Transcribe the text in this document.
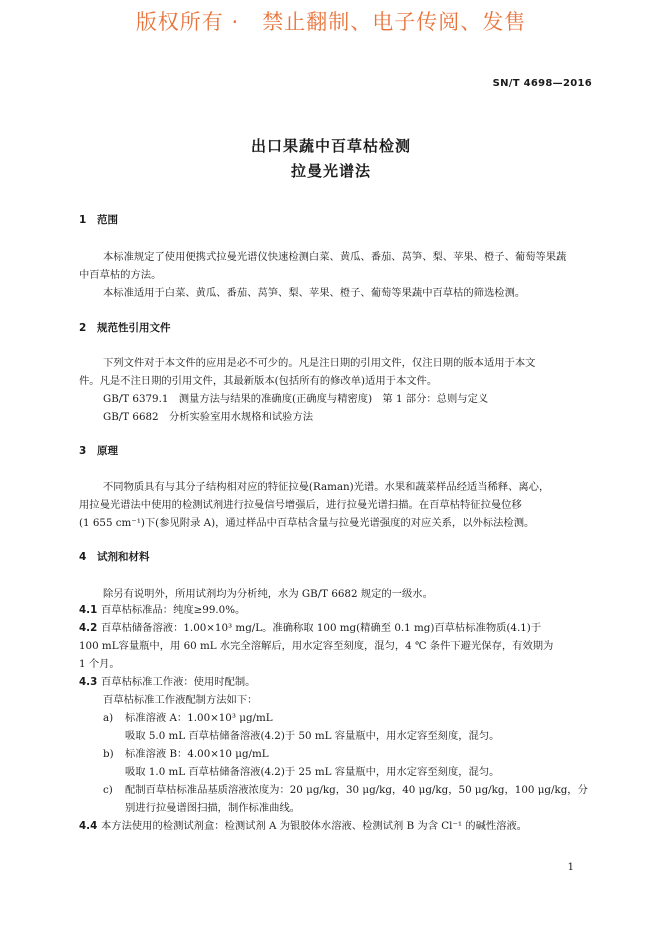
版权所有 ·   禁止翻制、电子传阅、发售
SN/T 4698—2016
出口果蔬中百草枯检测
拉曼光谱法
1 范围
本标准规定了使用便携式拉曼光谱仪快速检测白菜、黄瓜、番茄、莴笋、梨、苹果、橙子、葡萄等果蔬
中百草枯的方法。
本标准适用于白菜、黄瓜、番茄、莴笋、梨、苹果、橙子、葡萄等果蔬中百草枯的筛选检测。
2 规范性引用文件
下列文件对于本文件的应用是必不可少的。凡是注日期的引用文件，仅注日期的版本适用于本文
件。凡是不注日期的引用文件，其最新版本(包括所有的修改单)适用于本文件。
GB/T 6379.1　测量方法与结果的准确度(正确度与精密度)　第 1 部分：总则与定义
GB/T 6682　分析实验室用水规格和试验方法
3 原理
不同物质具有与其分子结构相对应的特征拉曼(Raman)光谱。水果和蔬菜样品经适当稀释、离心，
用拉曼光谱法中使用的检测试剂进行拉曼信号增强后，进行拉曼光谱扫描。在百草枯特征拉曼位移
(1 655 cm⁻¹)下(参见附录 A)，通过样品中百草枯含量与拉曼光谱强度的对应关系，以外标法检测。
4 试剂和材料
除另有说明外，所用试剂均为分析纯，水为 GB/T 6682 规定的一级水。
4.1 百草枯标准品：纯度≥99.0%。
4.2 百草枯储备溶液：1.00×10³ mg/L。准确称取 100 mg(精确至 0.1 mg)百草枯标准物质(4.1)于
100 mL容量瓶中，用 60 mL 水完全溶解后，用水定容至刻度，混匀，4 ℃ 条件下避光保存，有效期为
1 个月。
4.3 百草枯标准工作液：使用时配制。
百草枯标准工作液配制方法如下：
a) 标准溶液 A：1.00×10³ μg/mL
吸取 5.0 mL 百草枯储备溶液(4.2)于 50 mL 容量瓶中，用水定容至刻度，混匀。
b) 标准溶液 B：4.00×10 μg/mL
吸取 1.0 mL 百草枯储备溶液(4.2)于 25 mL 容量瓶中，用水定容至刻度，混匀。
c) 配制百草枯标准品基质溶液浓度为：20 μg/kg，30 μg/kg，40 μg/kg，50 μg/kg，100 μg/kg，分
别进行拉曼谱图扫描，制作标准曲线。
4.4 本方法使用的检测试剂盒：检测试剂 A 为银胶体水溶液、检测试剂 B 为含 Cl⁻¹ 的碱性溶液。
1
